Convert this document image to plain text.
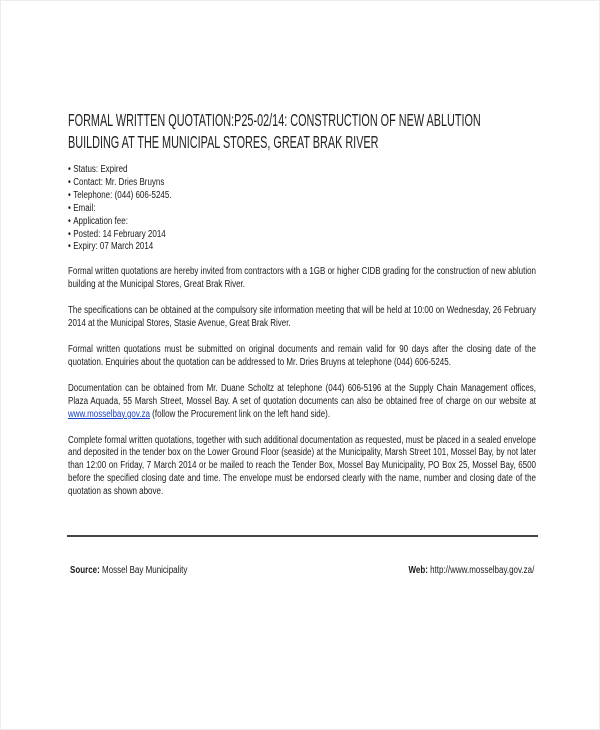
FORMAL WRITTEN QUOTATION:P25-02/14: CONSTRUCTION OF NEW ABLUTION
BUILDING AT THE MUNICIPAL STORES, GREAT BRAK RIVER
• Status: Expired
• Contact: Mr. Dries Bruyns
• Telephone: (044) 606-5245.
• Email:
• Application fee:
• Posted: 14 February 2014
• Expiry: 07 March 2014

Formal written quotations are hereby invited from contractors with a 1GB or higher CIDB grading for the construction of new ablution building at the Municipal Stores, Great Brak River.

The specifications can be obtained at the compulsory site information meeting that will be held at 10:00 on Wednesday, 26 February 2014 at the Municipal Stores, Stasie Avenue, Great Brak River.

Formal written quotations must be submitted on original documents and remain valid for 90 days after the closing date of the quotation. Enquiries about the quotation can be addressed to Mr. Dries Bruyns at telephone (044) 606-5245.

Documentation can be obtained from Mr. Duane Scholtz at telephone (044) 606-5196 at the Supply Chain Management offices, Plaza Aquada, 55 Marsh Street, Mossel Bay. A set of quotation documents can also be obtained free of charge on our website at www.mosselbay.gov.za (follow the Procurement link on the left hand side).

Complete formal written quotations, together with such additional documentation as requested, must be placed in a sealed envelope and deposited in the tender box on the Lower Ground Floor (seaside) at the Municipality, Marsh Street 101, Mossel Bay, by not later than 12:00 on Friday, 7 March 2014 or be mailed to reach the Tender Box, Mossel Bay Municipality, PO Box 25, Mossel Bay, 6500 before the specified closing date and time. The envelope must be endorsed clearly with the name, number and closing date of the quotation as shown above.

Source: Mossel Bay Municipality	Web: http://www.mosselbay.gov.za/
